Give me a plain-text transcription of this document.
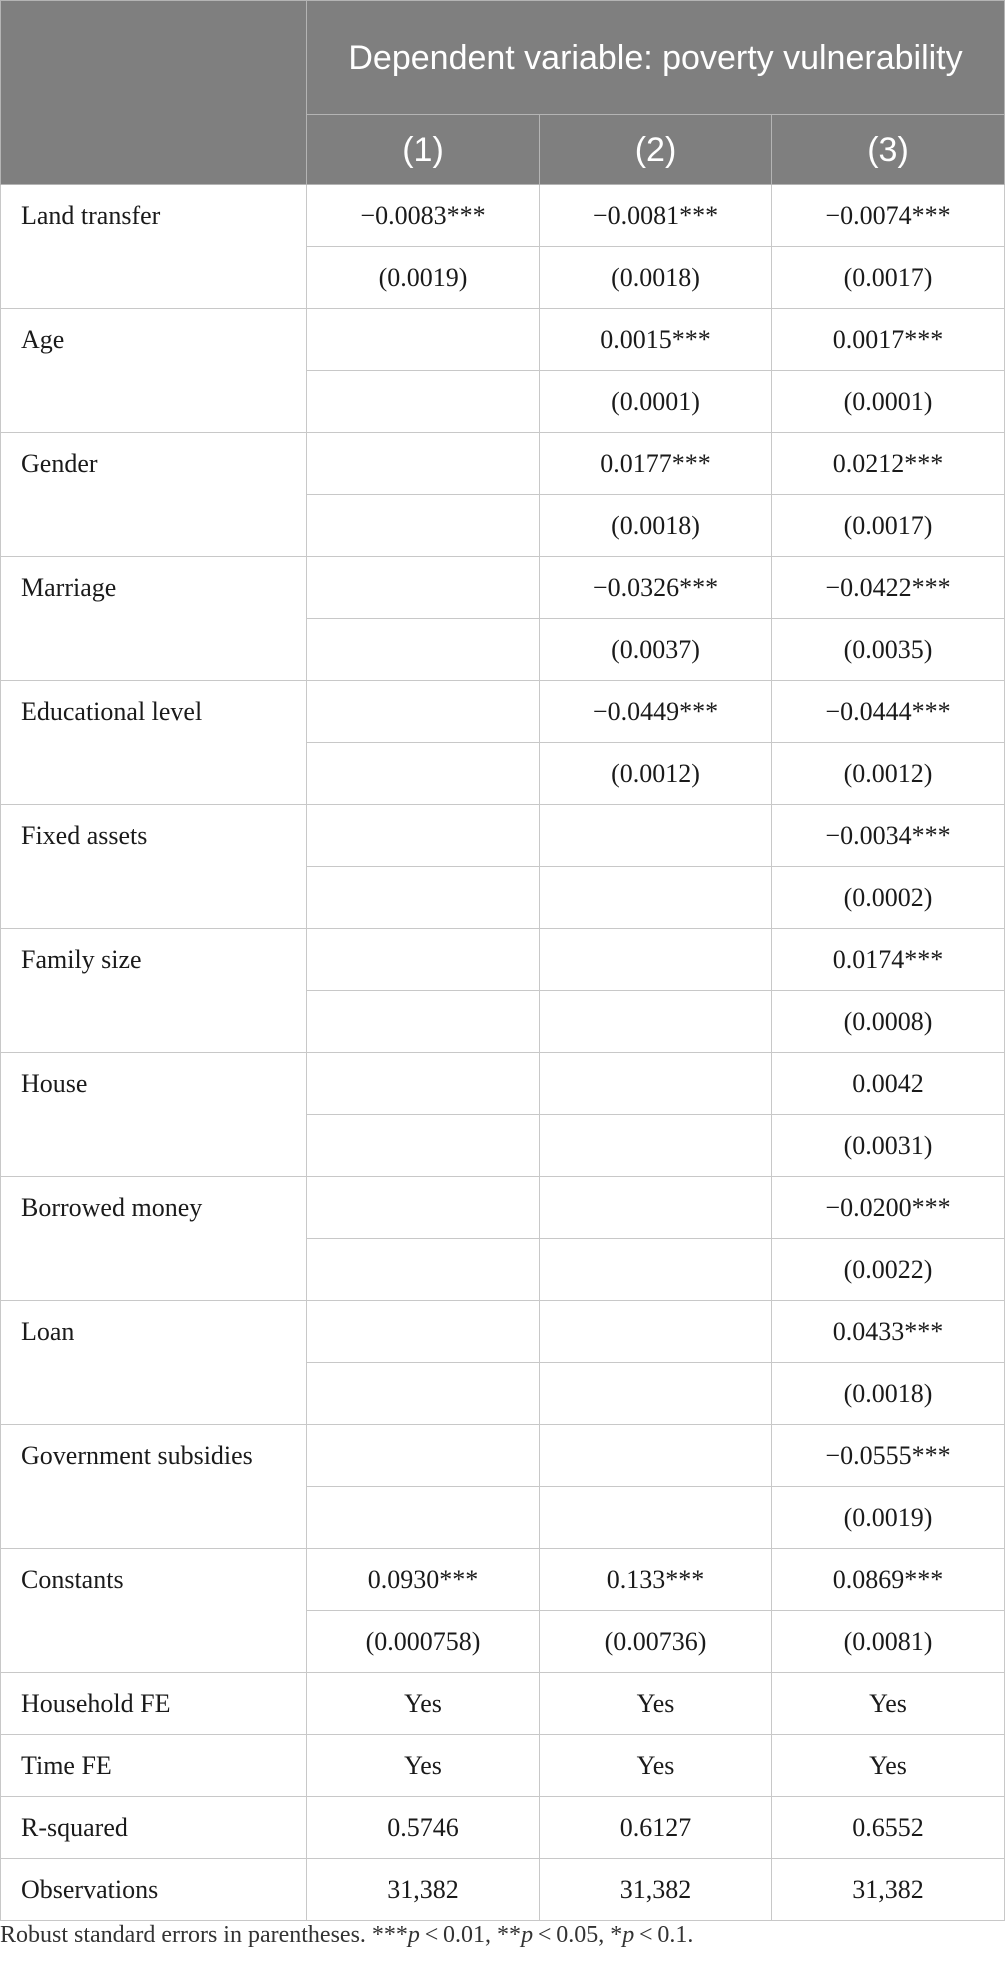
	Dependent variable: poverty vulnerability		
	(1)	(2)	(3)
Land transfer	−0.0083***	−0.0081***	−0.0074***
	(0.0019)	(0.0018)	(0.0017)
Age		0.0015***	0.0017***
		(0.0001)	(0.0001)
Gender		0.0177***	0.0212***
		(0.0018)	(0.0017)
Marriage		−0.0326***	−0.0422***
		(0.0037)	(0.0035)
Educational level		−0.0449***	−0.0444***
		(0.0012)	(0.0012)
Fixed assets			−0.0034***
			(0.0002)
Family size			0.0174***
			(0.0008)
House			0.0042
			(0.0031)
Borrowed money			−0.0200***
			(0.0022)
Loan			0.0433***
			(0.0018)
Government subsidies			−0.0555***
			(0.0019)
Constants	0.0930***	0.133***	0.0869***
	(0.000758)	(0.00736)	(0.0081)
Household FE	Yes	Yes	Yes
Time FE	Yes	Yes	Yes
R-squared	0.5746	0.6127	0.6552
Observations	31,382	31,382	31,382
Robust standard errors in parentheses. ***p < 0.01, **p < 0.05, *p < 0.1.
